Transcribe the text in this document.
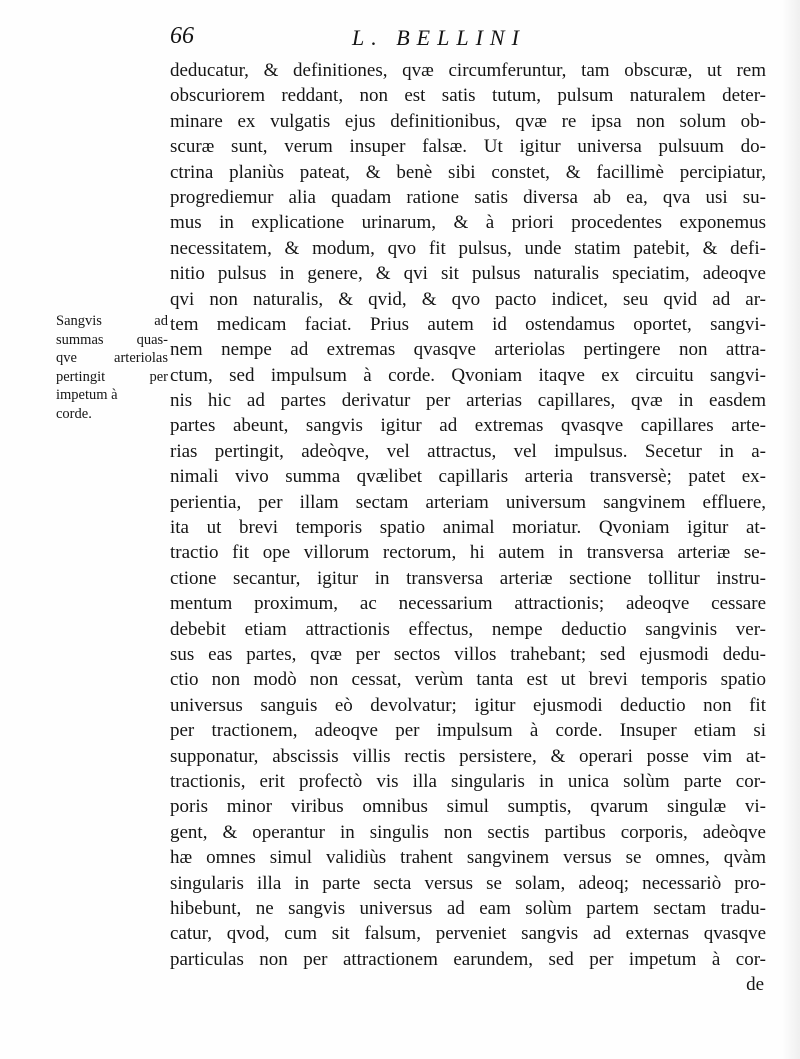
66	L. BELLINI
Sangvis ad
summas quas-
qve arteriolas
pertingit per
impetum à
corde.
deducatur, & definitiones, qvæ circumferuntur, tam obscuræ, ut rem
obscuriorem reddant, non est satis tutum, pulsum naturalem deter-
minare ex vulgatis ejus definitionibus, qvæ re ipsa non solum ob-
scuræ sunt, verum insuper falsæ. Ut igitur universa pulsuum do-
ctrina planiùs pateat, & benè sibi constet, & facillimè percipiatur,
progrediemur alia quadam ratione satis diversa ab ea, qva usi su-
mus in explicatione urinarum, & à priori procedentes exponemus
necessitatem, & modum, qvo fit pulsus, unde statim patebit, & defi-
nitio pulsus in genere, & qvi sit pulsus naturalis speciatim, adeoqve
qvi non naturalis, & qvid, & qvo pacto indicet, seu qvid ad ar-
tem medicam faciat. Prius autem id ostendamus oportet, sangvi-
nem nempe ad extremas qvasqve arteriolas pertingere non attra-
ctum, sed impulsum à corde. Qvoniam itaqve ex circuitu sangvi-
nis hic ad partes derivatur per arterias capillares, qvæ in easdem
partes abeunt, sangvis igitur ad extremas qvasqve capillares arte-
rias pertingit, adeòqve, vel attractus, vel impulsus. Secetur in a-
nimali vivo summa qvælibet capillaris arteria transversè; patet ex-
perientia, per illam sectam arteriam universum sangvinem effluere,
ita ut brevi temporis spatio animal moriatur. Qvoniam igitur at-
tractio fit ope villorum rectorum, hi autem in transversa arteriæ se-
ctione secantur, igitur in transversa arteriæ sectione tollitur instru-
mentum proximum, ac necessarium attractionis; adeoqve cessare
debebit etiam attractionis effectus, nempe deductio sangvinis ver-
sus eas partes, qvæ per sectos villos trahebant; sed ejusmodi dedu-
ctio non modò non cessat, verùm tanta est ut brevi temporis spatio
universus sanguis eò devolvatur; igitur ejusmodi deductio non fit
per tractionem, adeoqve per impulsum à corde. Insuper etiam si
supponatur, abscissis villis rectis persistere, & operari posse vim at-
tractionis, erit profectò vis illa singularis in unica solùm parte cor-
poris minor viribus omnibus simul sumptis, qvarum singulæ vi-
gent, & operantur in singulis non sectis partibus corporis, adeòqve
hæ omnes simul validiùs trahent sangvinem versus se omnes, qvàm
singularis illa in parte secta versus se solam, adeoq; necessariò pro-
hibebunt, ne sangvis universus ad eam solùm partem sectam tradu-
catur, qvod, cum sit falsum, perveniet sangvis ad externas qvasqve
particulas non per attractionem earundem, sed per impetum à cor-
de
